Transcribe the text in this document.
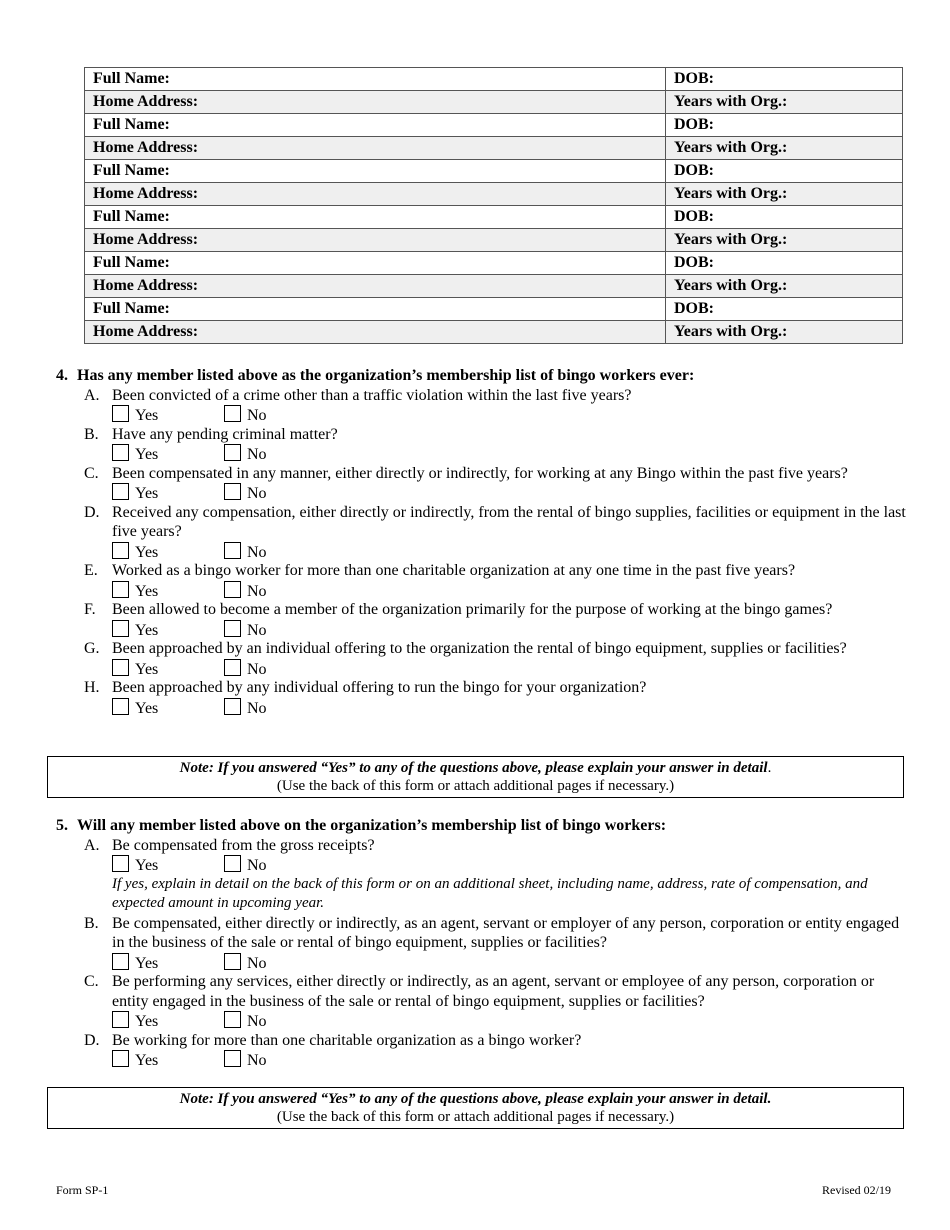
Full Name:	DOB:
Home Address:	Years with Org.:
Full Name:	DOB:
Home Address:	Years with Org.:
Full Name:	DOB:
Home Address:	Years with Org.:
Full Name:	DOB:
Home Address:	Years with Org.:
Full Name:	DOB:
Home Address:	Years with Org.:
Full Name:	DOB:
Home Address:	Years with Org.:
4. Has any member listed above as the organization’s membership list of bingo workers ever:
A. Been convicted of a crime other than a traffic violation within the last five years?
Yes	No
B. Have any pending criminal matter?
Yes	No
C. Been compensated in any manner, either directly or indirectly, for working at any Bingo within the past five years?
Yes	No
D. Received any compensation, either directly or indirectly, from the rental of bingo supplies, facilities or equipment in the last five years?
Yes	No
E. Worked as a bingo worker for more than one charitable organization at any one time in the past five years?
Yes	No
F. Been allowed to become a member of the organization primarily for the purpose of working at the bingo games?
Yes	No
G. Been approached by an individual offering to the organization the rental of bingo equipment, supplies or facilities?
Yes	No
H. Been approached by any individual offering to run the bingo for your organization?
Yes	No
Note: If you answered “Yes” to any of the questions above, please explain your answer in detail.
(Use the back of this form or attach additional pages if necessary.)
5. Will any member listed above on the organization’s membership list of bingo workers:
A. Be compensated from the gross receipts?
Yes	No
If yes, explain in detail on the back of this form or on an additional sheet, including name, address, rate of compensation, and expected amount in upcoming year.
B. Be compensated, either directly or indirectly, as an agent, servant or employer of any person, corporation or entity engaged in the business of the sale or rental of bingo equipment, supplies or facilities?
Yes	No
C. Be performing any services, either directly or indirectly, as an agent, servant or employee of any person, corporation or entity engaged in the business of the sale or rental of bingo equipment, supplies or facilities?
Yes	No
D. Be working for more than one charitable organization as a bingo worker?
Yes	No
Note: If you answered “Yes” to any of the questions above, please explain your answer in detail.
(Use the back of this form or attach additional pages if necessary.)
Form SP-1	Revised 02/19
